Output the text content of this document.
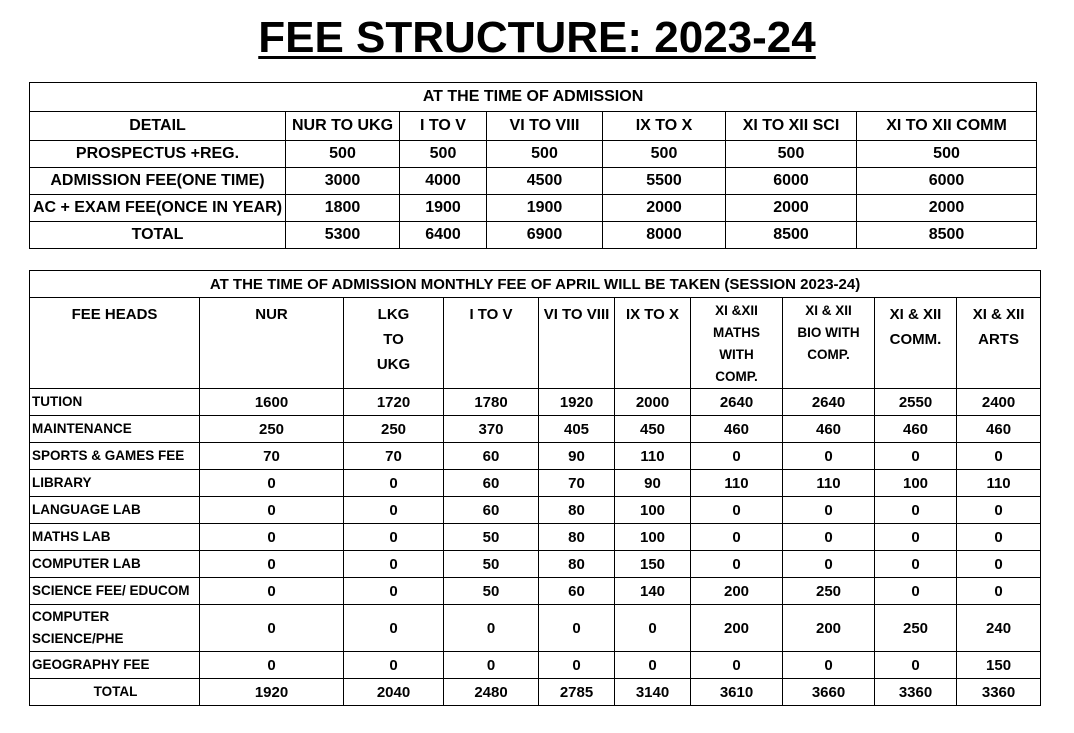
FEE STRUCTURE: 2023-24
AT THE TIME OF ADMISSION						
DETAIL	NUR TO UKG	I TO V	VI TO VIII	IX TO X	XI TO XII SCI	XI TO XII COMM
PROSPECTUS +REG.	500	500	500	500	500	500
ADMISSION FEE(ONE TIME)	3000	4000	4500	5500	6000	6000
AC + EXAM FEE(ONCE IN YEAR)	1800	1900	1900	2000	2000	2000
TOTAL	5300	6400	6900	8000	8500	8500
AT THE TIME OF ADMISSION MONTHLY FEE OF APRIL WILL BE TAKEN (SESSION 2023-24)									
FEE HEADS	NUR	LKG TO UKG	I TO V	VI TO VIII	IX TO X	XI &XII MATHS WITH COMP.	XI & XII BIO WITH COMP.	XI & XII COMM.	XI & XII ARTS
TUTION	1600	1720	1780	1920	2000	2640	2640	2550	2400
MAINTENANCE	250	250	370	405	450	460	460	460	460
SPORTS & GAMES FEE	70	70	60	90	110	0	0	0	0
LIBRARY	0	0	60	70	90	110	110	100	110
LANGUAGE LAB	0	0	60	80	100	0	0	0	0
MATHS LAB	0	0	50	80	100	0	0	0	0
COMPUTER LAB	0	0	50	80	150	0	0	0	0
SCIENCE FEE/ EDUCOM	0	0	50	60	140	200	250	0	0
COMPUTER SCIENCE/PHE	0	0	0	0	0	200	200	250	240
GEOGRAPHY FEE	0	0	0	0	0	0	0	0	150
TOTAL	1920	2040	2480	2785	3140	3610	3660	3360	3360
